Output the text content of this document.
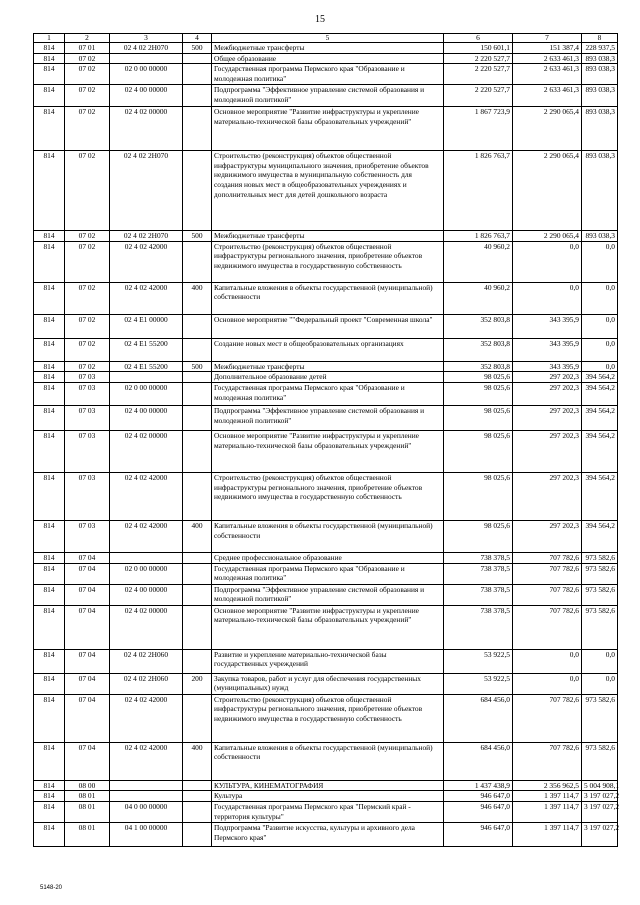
15
1	2	3	4	5	6	7	8
814	07 01	02 4 02 2Н070	500	Межбюджетные трансферты	150 601,1	151 387,4	228 937,5
814	07 02			Общее образование	2 220 527,7	2 633 461,3	893 038,3
814	07 02	02 0 00 00000		Государственная программа Пермского края "Образование и молодежная политика"	2 220 527,7	2 633 461,3	893 038,3
814	07 02	02 4 00 00000		Подпрограмма "Эффективное управление системой образования и молодежной политикой"	2 220 527,7	2 633 461,3	893 038,3
814	07 02	02 4 02 00000		Основное мероприятие "Развитие инфраструктуры и укрепление материально-технической базы образовательных учреждений"	1 867 723,9	2 290 065,4	893 038,3
814	07 02	02 4 02 2Н070		Строительство (реконструкция) объектов общественной инфраструктуры муниципального значения, приобретение объектов недвижимого имущества в муниципальную собственность для создания новых мест в общеобразовательных учреждениях и дополнительных мест для детей дошкольного возраста	1 826 763,7	2 290 065,4	893 038,3
814	07 02	02 4 02 2Н070	500	Межбюджетные трансферты	1 826 763,7	2 290 065,4	893 038,3
814	07 02	02 4 02 42000		Строительство (реконструкция) объектов общественной инфраструктуры регионального значения, приобретение объектов недвижимого имущества в государственную собственность	40 960,2	0,0	0,0
814	07 02	02 4 02 42000	400	Капитальные вложения в объекты государственной (муниципальной) собственности	40 960,2	0,0	0,0
814	07 02	02 4 E1 00000		Основное мероприятие ""Федеральный проект "Современная школа"	352 803,8	343 395,9	0,0
814	07 02	02 4 E1 55200		Создание новых мест в общеобразовательных организациях	352 803,8	343 395,9	0,0
814	07 02	02 4 E1 55200	500	Межбюджетные трансферты	352 803,8	343 395,9	0,0
814	07 03			Дополнительное образование детей	98 025,6	297 202,3	394 564,2
814	07 03	02 0 00 00000		Государственная программа Пермского края "Образование и молодежная политика"	98 025,6	297 202,3	394 564,2
814	07 03	02 4 00 00000		Подпрограмма "Эффективное управление системой образования и молодежной политикой"	98 025,6	297 202,3	394 564,2
814	07 03	02 4 02 00000		Основное мероприятие "Развитие инфраструктуры и укрепление материально-технической базы образовательных учреждений"	98 025,6	297 202,3	394 564,2
814	07 03	02 4 02 42000		Строительство (реконструкция) объектов общественной инфраструктуры регионального значения, приобретение объектов недвижимого имущества в государственную собственность	98 025,6	297 202,3	394 564,2
814	07 03	02 4 02 42000	400	Капитальные вложения в объекты государственной (муниципальной) собственности	98 025,6	297 202,3	394 564,2
814	07 04			Среднее профессиональное образование	738 378,5	707 782,6	973 582,6
814	07 04	02 0 00 00000		Государственная программа Пермского края "Образование и молодежная политика"	738 378,5	707 782,6	973 582,6
814	07 04	02 4 00 00000		Подпрограмма "Эффективное управление системой образования и молодежной политикой"	738 378,5	707 782,6	973 582,6
814	07 04	02 4 02 00000		Основное мероприятие "Развитие инфраструктуры и укрепление материально-технической базы образовательных учреждений"	738 378,5	707 782,6	973 582,6
814	07 04	02 4 02 2Н060		Развитие и укрепление материально-технической базы государственных учреждений	53 922,5	0,0	0,0
814	07 04	02 4 02 2Н060	200	Закупка товаров, работ и услуг для обеспечения государственных (муниципальных) нужд	53 922,5	0,0	0,0
814	07 04	02 4 02 42000		Строительство (реконструкция) объектов общественной инфраструктуры регионального значения, приобретение объектов недвижимого имущества в государственную собственность	684 456,0	707 782,6	973 582,6
814	07 04	02 4 02 42000	400	Капитальные вложения в объекты государственной (муниципальной) собственности	684 456,0	707 782,6	973 582,6
814	08 00			КУЛЬТУРА, КИНЕМАТОГРАФИЯ	1 437 438,9	2 356 962,5	5 004 908,1
814	08 01			Культура	946 647,0	1 397 114,7	3 197 027,2
814	08 01	04 0 00 00000		Государственная программа Пермского края "Пермский край - территория культуры"	946 647,0	1 397 114,7	3 197 027,2
814	08 01	04 1 00 00000		Подпрограмма "Развитие искусства, культуры и архивного дела Пермского края"	946 647,0	1 397 114,7	3 197 027,2
5148-20
